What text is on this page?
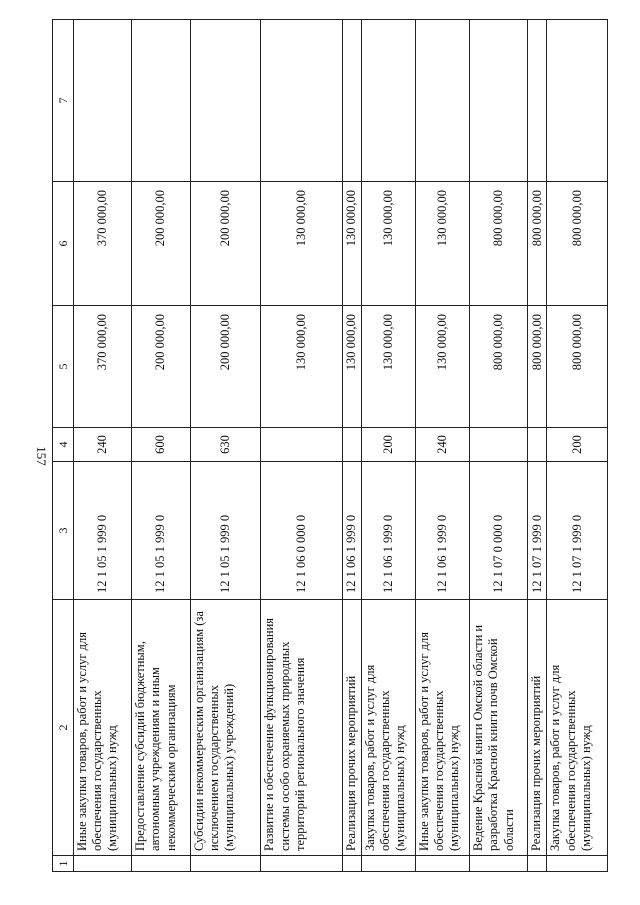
157
1	2	3	4	5	6	7
	Иные закупки товаров, работ и услуг для обеспечения государственных (муниципальных) нужд	12 1 05 1 999 0	240	370 000,00	370 000,00	
	Предоставление субсидий бюджетным, автономным учреждениям и иным некоммерческим организациям	12 1 05 1 999 0	600	200 000,00	200 000,00	
	Субсидии некоммерческим организациям (за исключением государственных (муниципальных) учреждений)	12 1 05 1 999 0	630	200 000,00	200 000,00	
	Развитие и обеспечение функционирования системы особо охраняемых природных территорий регионального значения	12 1 06 0 000 0		130 000,00	130 000,00	
	Реализация прочих мероприятий	12 1 06 1 999 0		130 000,00	130 000,00	
	Закупка товаров, работ и услуг для обеспечения государственных (муниципальных) нужд	12 1 06 1 999 0	200	130 000,00	130 000,00	
	Иные закупки товаров, работ и услуг для обеспечения государственных (муниципальных) нужд	12 1 06 1 999 0	240	130 000,00	130 000,00	
	Ведение Красной книги Омской области и разработка Красной книги почв Омской области	12 1 07 0 000 0		800 000,00	800 000,00	
	Реализация прочих мероприятий	12 1 07 1 999 0		800 000,00	800 000,00	
	Закупка товаров, работ и услуг для обеспечения государственных (муниципальных) нужд	12 1 07 1 999 0	200	800 000,00	800 000,00	
